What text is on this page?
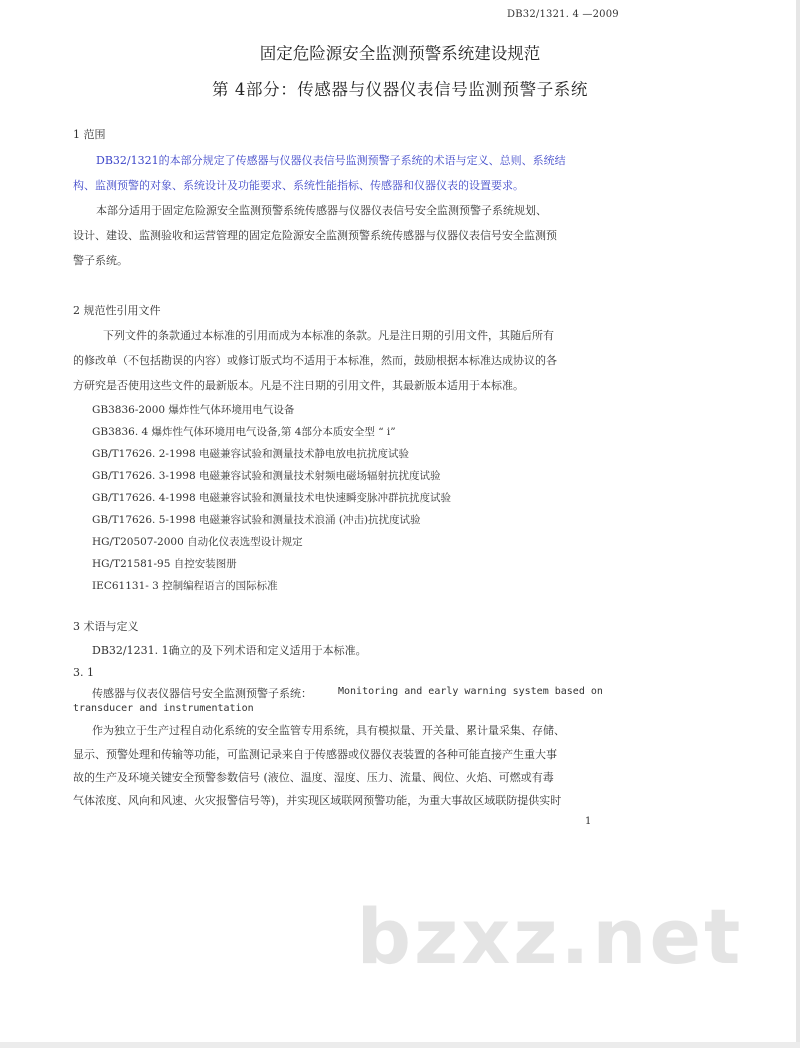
DB32/1321. 4 —2009
固定危险源安全监测预警系统建设规范
第 4部分：传感器与仪器仪表信号监测预警子系统
1 范围
DB32/1321的本部分规定了传感器与仪器仪表信号监测预警子系统的术语与定义、总则、系统结
构、监测预警的对象、系统设计及功能要求、系统性能指标、传感器和仪器仪表的设置要求。
本部分适用于固定危险源安全监测预警系统传感器与仪器仪表信号安全监测预警子系统规划、
设计、建设、监测验收和运营管理的固定危险源安全监测预警系统传感器与仪器仪表信号安全监测预
警子系统。
2 规范性引用文件
下列文件的条款通过本标准的引用而成为本标准的条款。凡是注日期的引用文件，其随后所有
的修改单（不包括勘误的内容）或修订版式均不适用于本标准，然而，鼓励根据本标准达成协议的各
方研究是否使用这些文件的最新版本。凡是不注日期的引用文件，其最新版本适用于本标准。
GB3836-2000 爆炸性气体环境用电气设备
GB3836. 4 爆炸性气体环境用电气设备,第 4部分本质安全型 “ i”
GB/T17626. 2-1998 电磁兼容试验和测量技术静电放电抗扰度试验
GB/T17626. 3-1998 电磁兼容试验和测量技术射频电磁场辐射抗扰度试验
GB/T17626. 4-1998 电磁兼容试验和测量技术电快速瞬变脉冲群抗扰度试验
GB/T17626. 5-1998 电磁兼容试验和测量技术浪涌 (冲击)抗扰度试验
HG/T20507-2000 自动化仪表选型设计规定
HG/T21581-95 自控安装图册
IEC61131- 3 控制编程语言的国际标准
3 术语与定义
DB32/1231. 1确立的及下列术语和定义适用于本标准。
3. 1
传感器与仪表仪器信号安全监测预警子系统：	Monitoring and early warning system based on
transducer and instrumentation
作为独立于生产过程自动化系统的安全监管专用系统，具有模拟量、开关量、累计量采集、存储、
显示、预警处理和传输等功能，可监测记录来自于传感器或仪器仪表装置的各种可能直接产生重大事
故的生产及环境关键安全预警参数信号 (液位、温度、湿度、压力、流量、阀位、火焰、可燃或有毒
气体浓度、风向和风速、火灾报警信号等)，并实现区域联网预警功能，为重大事故区域联防提供实时
1
bzxz.net
